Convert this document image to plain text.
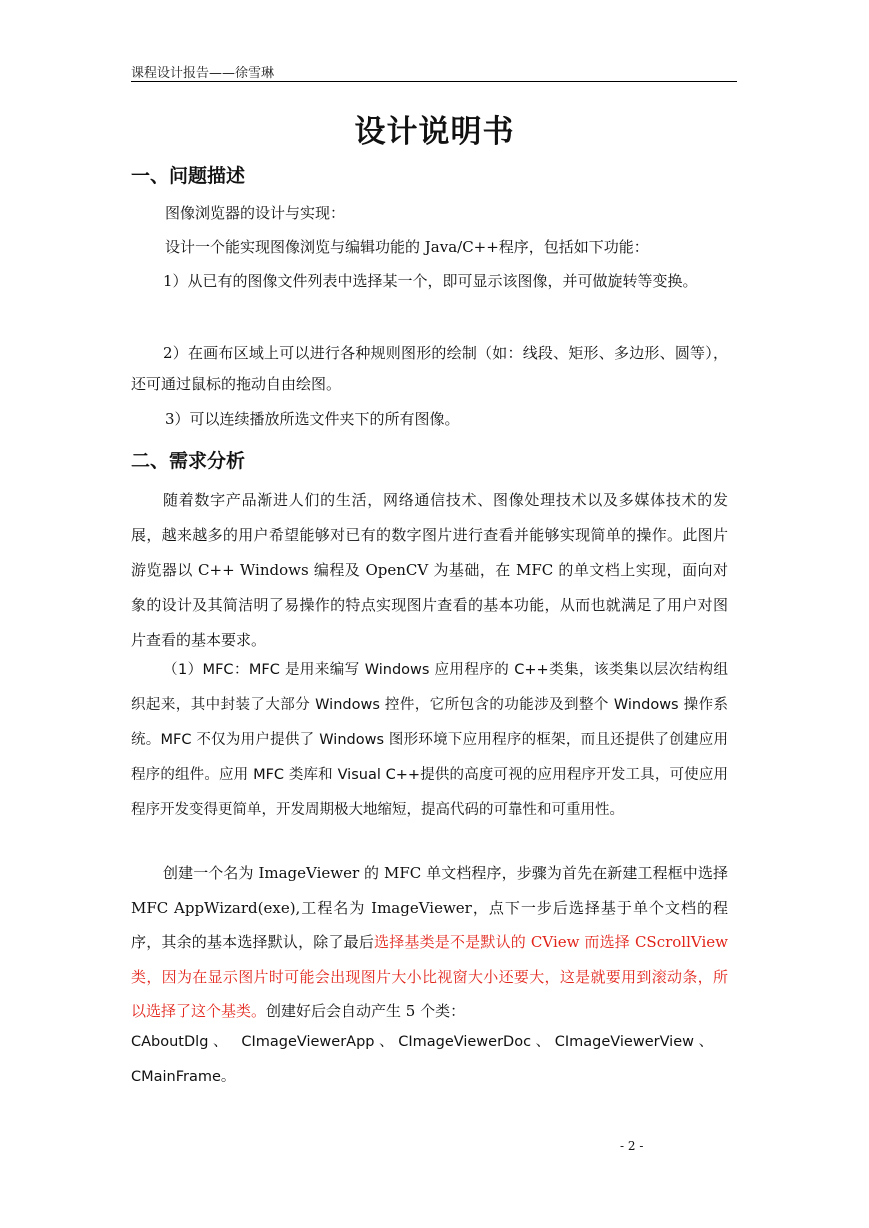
课程设计报告——徐雪琳
设计说明书
一、问题描述
图像浏览器的设计与实现：
设计一个能实现图像浏览与编辑功能的 Java/C++程序，包括如下功能：
1）从已有的图像文件列表中选择某一个，即可显示该图像，并可做旋转等变换。
2）在画布区域上可以进行各种规则图形的绘制（如：线段、矩形、多边形、圆等），还可通过鼠标的拖动自由绘图。
3）可以连续播放所选文件夹下的所有图像。
二、需求分析
随着数字产品渐进人们的生活，网络通信技术、图像处理技术以及多媒体技术的发展，越来越多的用户希望能够对已有的数字图片进行查看并能够实现简单的操作。此图片游览器以 C++ Windows 编程及 OpenCV 为基础，在 MFC 的单文档上实现，面向对象的设计及其简洁明了易操作的特点实现图片查看的基本功能，从而也就满足了用户对图片查看的基本要求。
（1）MFC：MFC 是用来编写 Windows 应用程序的 C++类集，该类集以层次结构组织起来，其中封装了大部分 Windows 控件，它所包含的功能涉及到整个 Windows 操作系统。MFC 不仅为用户提供了 Windows 图形环境下应用程序的框架，而且还提供了创建应用程序的组件。应用 MFC 类库和 Visual C++提供的高度可视的应用程序开发工具，可使应用程序开发变得更简单，开发周期极大地缩短，提高代码的可靠性和可重用性。
创建一个名为 ImageViewer 的 MFC 单文档程序，步骤为首先在新建工程框中选择 MFC AppWizard(exe),工程名为 ImageViewer，点下一步后选择基于单个文档的程序，其余的基本选择默认，除了最后选择基类是不是默认的 CView 而选择 CScrollView 类，因为在显示图片时可能会出现图片大小比视窗大小还要大，这是就要用到滚动条，所以选择了这个基类。创建好后会自动产生 5 个类：
CAboutDlg 、   CImageViewerApp 、 CImageViewerDoc 、 CImageViewerView 、
CMainFrame。
- 2 -
